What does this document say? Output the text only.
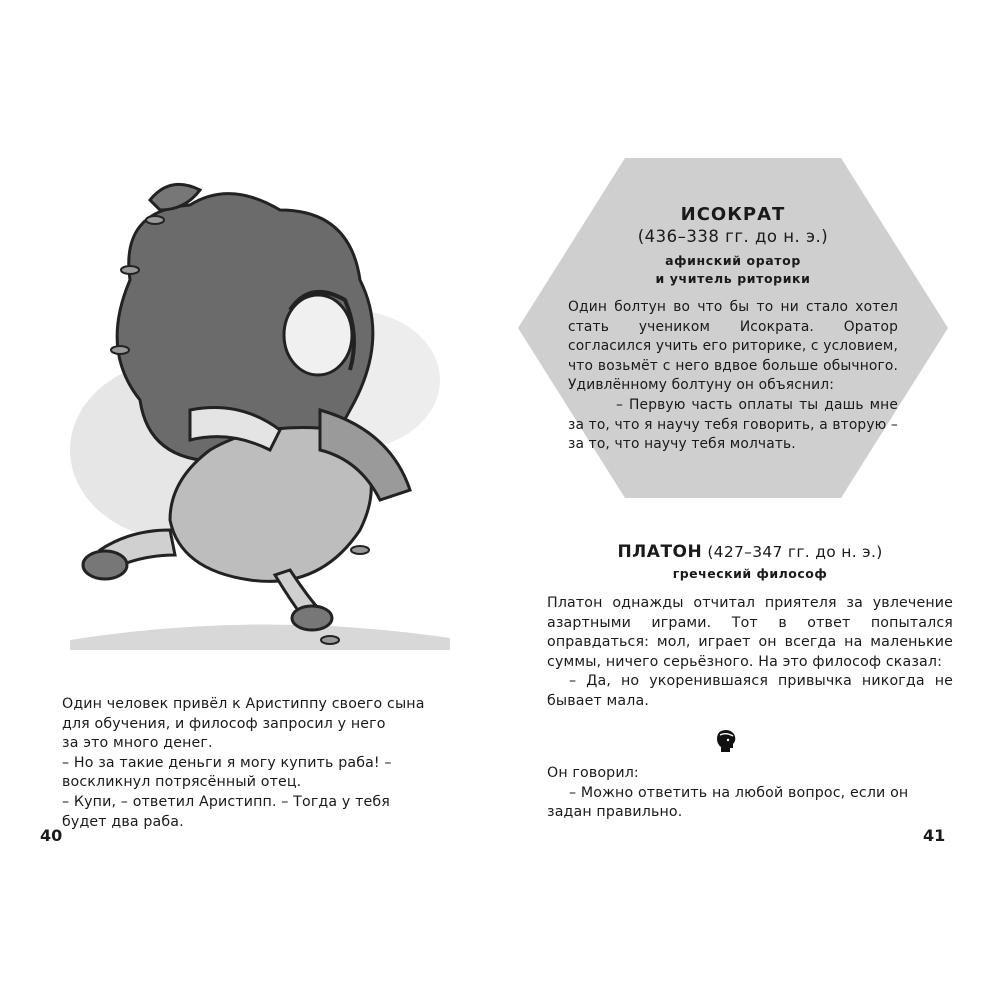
Один человек привёл к Аристиппу своего сына

для обучения, и философ запросил у него

за это много денег.

– Но за такие деньги я могу купить раба! –

воскликнул потрясённый отец.

– Купи, – ответил Аристипп. – Тогда у тебя

будет два раба.

40

ИСОКРАТ

(436–338 гг. до н. э.)

афинский оратор

и учитель риторики

Один болтун во что бы то ни стало хотел стать учеником Исократа. Оратор согласился учить его риторике, с условием, что возьмёт с него вдвое больше обычного. Удивлённому болтуну он объяснил:

– Первую часть оплаты ты дашь мне за то, что я научу тебя говорить, а вторую – за то, что научу тебя молчать.

ПЛАТОН (427–347 гг. до н. э.)

греческий философ

Платон однажды отчитал приятеля за увлечение азартными играми. Тот в ответ попытался оправдаться: мол, играет он всегда на маленькие суммы, ничего серьёзного. На это философ сказал:

– Да, но укоренившаяся привычка никогда не бывает мала.

Он говорил:

– Можно ответить на любой вопрос, если он задан правильно.

41
